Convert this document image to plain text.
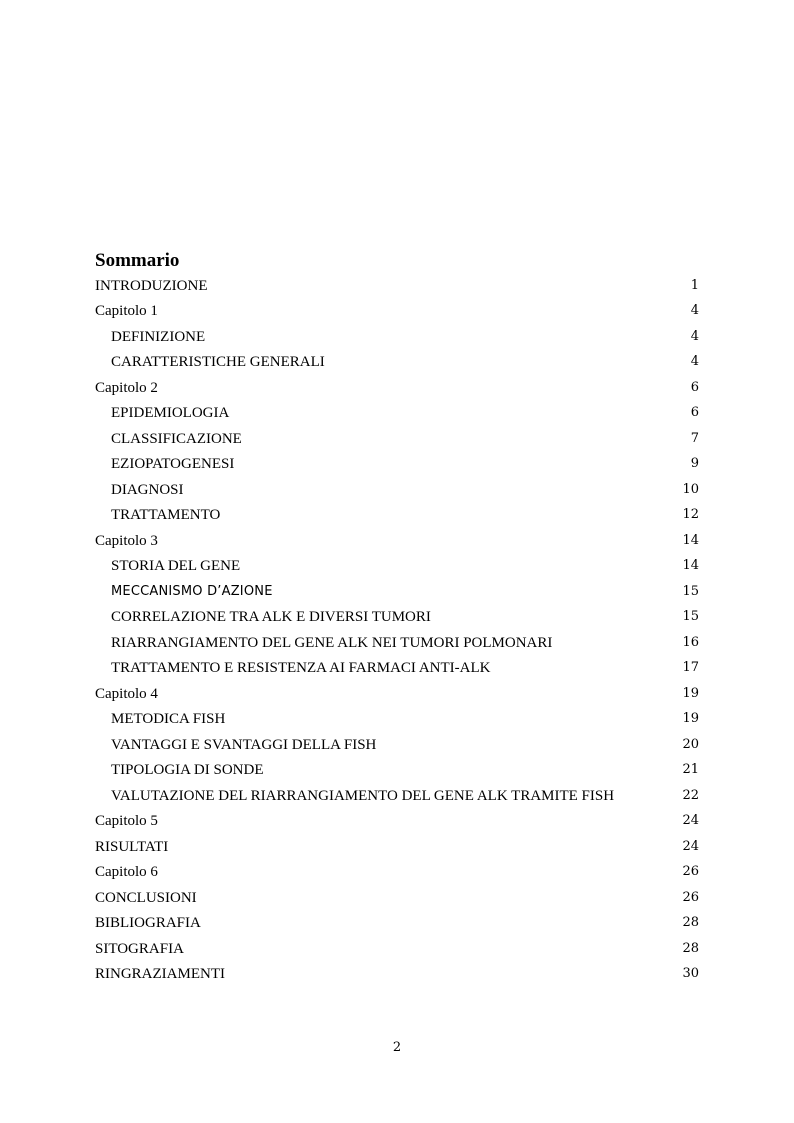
Sommario
INTRODUZIONE	1
Capitolo 1	4
DEFINIZIONE	4
CARATTERISTICHE GENERALI	4
Capitolo 2	6
EPIDEMIOLOGIA	6
CLASSIFICAZIONE	7
EZIOPATOGENESI	9
DIAGNOSI	10
TRATTAMENTO	12
Capitolo 3	14
STORIA DEL GENE	14
MECCANISMO D’AZIONE	15
CORRELAZIONE TRA ALK E DIVERSI TUMORI	15
RIARRANGIAMENTO DEL GENE ALK NEI TUMORI POLMONARI	16
TRATTAMENTO E RESISTENZA AI FARMACI ANTI-ALK	17
Capitolo 4	19
METODICA FISH	19
VANTAGGI E SVANTAGGI DELLA FISH	20
TIPOLOGIA DI SONDE	21
VALUTAZIONE DEL RIARRANGIAMENTO DEL GENE ALK TRAMITE FISH	22
Capitolo 5	24
RISULTATI	24
Capitolo 6	26
CONCLUSIONI	26
BIBLIOGRAFIA	28
SITOGRAFIA	28
RINGRAZIAMENTI	30
2
